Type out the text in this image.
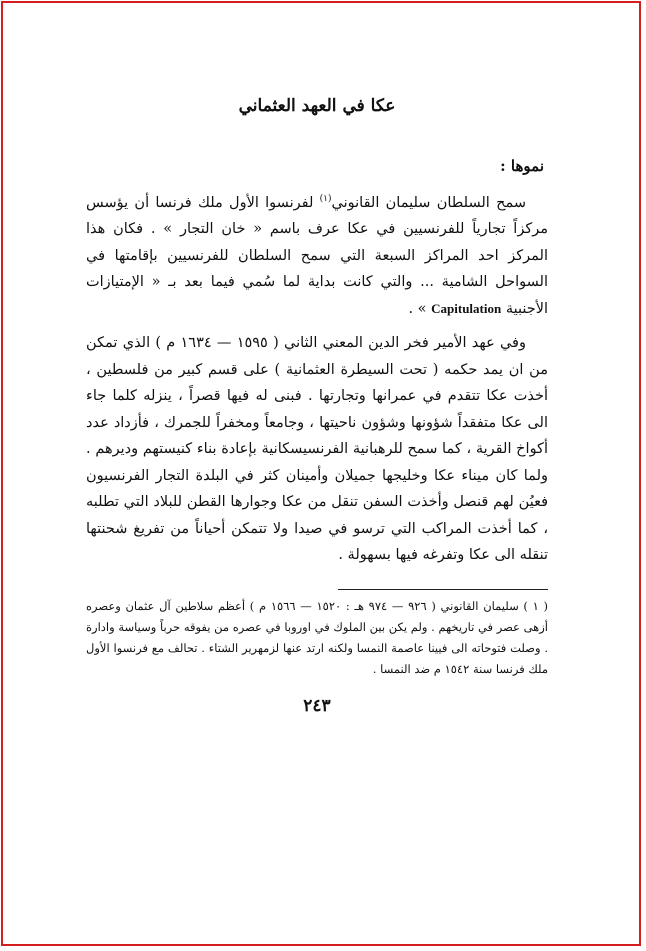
عكا في العهد العثماني
نموها :

سمح السلطان سليمان القانوني$^{(١)}$ لفرنسوا الأول ملك فرنسا أن يؤسس مركزاً تجارياً للفرنسيين في عكا عرف باسم « خان التجار » . فكان هذا المركز احد المراكز السبعة التي سمح السلطان للفرنسيين بإقامتها في السواحل الشامية ... والتي كانت بداية لما سُمي فيما بعد بـ « الإمتيازات الأجنبية Capitulation » .

وفي عهد الأمير فخر الدين المعني الثاني ( ١٥٩٥ — ١٦٣٤ م ) الذي تمكن من ان يمد حكمه ( تحت السيطرة العثمانية ) على قسم كبير من فلسطين ، أخذت عكا تتقدم في عمرانها وتجارتها . فبنى له فيها قصراً ، ينزله كلما جاء الى عكا متفقداً شؤونها وشؤون ناحيتها ، وجامعاً ومخفراً للجمرك ، فأزداد عدد أكواخ القرية ، كما سمح للرهبانية الفرنسيسكانية بإعادة بناء كنيستهم وديرهم . ولما كان ميناء عكا وخليجها جميلان وأمينان كثر في البلدة التجار الفرنسيون فعيُن لهم قنصل وأخذت السفن تنقل من عكا وجوارها القطن للبلاد التي تطلبه ، كما أخذت المراكب التي ترسو في صيدا ولا تتمكن أحياناً من تفريغ شحنتها تنقله الى عكا وتفرغه فيها بسهولة .

( ١ ) سليمان القانوني ( ٩٢٦ — ٩٧٤ هـ : ١٥٢٠ — ١٥٦٦ م ) أعظم سلاطين آل عثمان وعصره أزهى عصر في تاريخهم . ولم يكن بين الملوك في اوروبا في عصره من يفوقه حرباً وسياسة وادارة . وصلت فتوحاته الى فيينا عاصمة النمسا ولكنه ارتد عنها لزمهرير الشتاء . تحالف مع فرنسوا الأول ملك فرنسا سنة ١٥٤٢ م ضد النمسا .

٢٤٣
